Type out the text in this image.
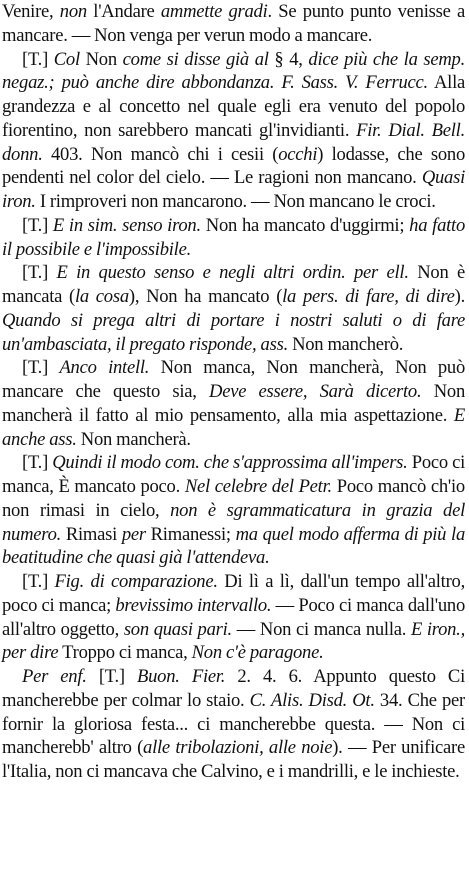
Venire, non l'Andare ammette gradi. Se punto punto venisse a mancare. — Non venga per verun modo a mancare.

[T.] Col Non come si disse già al § 4, dice più che la semp. negaz.; può anche dire abbondanza. F. Sass. V. Ferrucc. Alla grandezza e al concetto nel quale egli era venuto del popolo fiorentino, non sarebbero mancati gl'invidianti. Fir. Dial. Bell. donn. 403. Non mancò chi i cesii (occhi) lodasse, che sono pendenti nel color del cielo. — Le ragioni non mancano. Quasi iron. I rimproveri non mancarono. — Non mancano le croci.

[T.] E in sim. senso iron. Non ha mancato d'uggirmi; ha fatto il possibile e l'impossibile.

[T.] E in questo senso e negli altri ordin. per ell. Non è mancata (la cosa), Non ha mancato (la pers. di fare, di dire). Quando si prega altri di portare i nostri saluti o di fare un'ambasciata, il pregato risponde, ass. Non mancherò.

[T.] Anco intell. Non manca, Non mancherà, Non può mancare che questo sia, Deve essere, Sarà dicerto. Non mancherà il fatto al mio pensamento, alla mia aspettazione. E anche ass. Non mancherà.

[T.] Quindi il modo com. che s'approssima all'impers. Poco ci manca, È mancato poco. Nel celebre del Petr. Poco mancò ch'io non rimasi in cielo, non è sgrammaticatura in grazia del numero. Rimasi per Rimanessi; ma quel modo afferma di più la beatitudine che quasi già l'attendeva.

[T.] Fig. di comparazione. Di lì a lì, dall'un tempo all'altro, poco ci manca; brevissimo intervallo. — Poco ci manca dall'uno all'altro oggetto, son quasi pari. — Non ci manca nulla. E iron., per dire Troppo ci manca, Non c'è paragone.

Per enf. [T.] Buon. Fier. 2. 4. 6. Appunto questo Ci mancherebbe per colmar lo staio. C. Alis. Disd. Ot. 34. Che per fornir la gloriosa festa... ci mancherebbe questa. — Non ci mancherebb' altro (alle tribolazioni, alle noie). — Per unificare l'Italia, non ci mancava che Calvino, e i mandrilli, e le inchieste.
